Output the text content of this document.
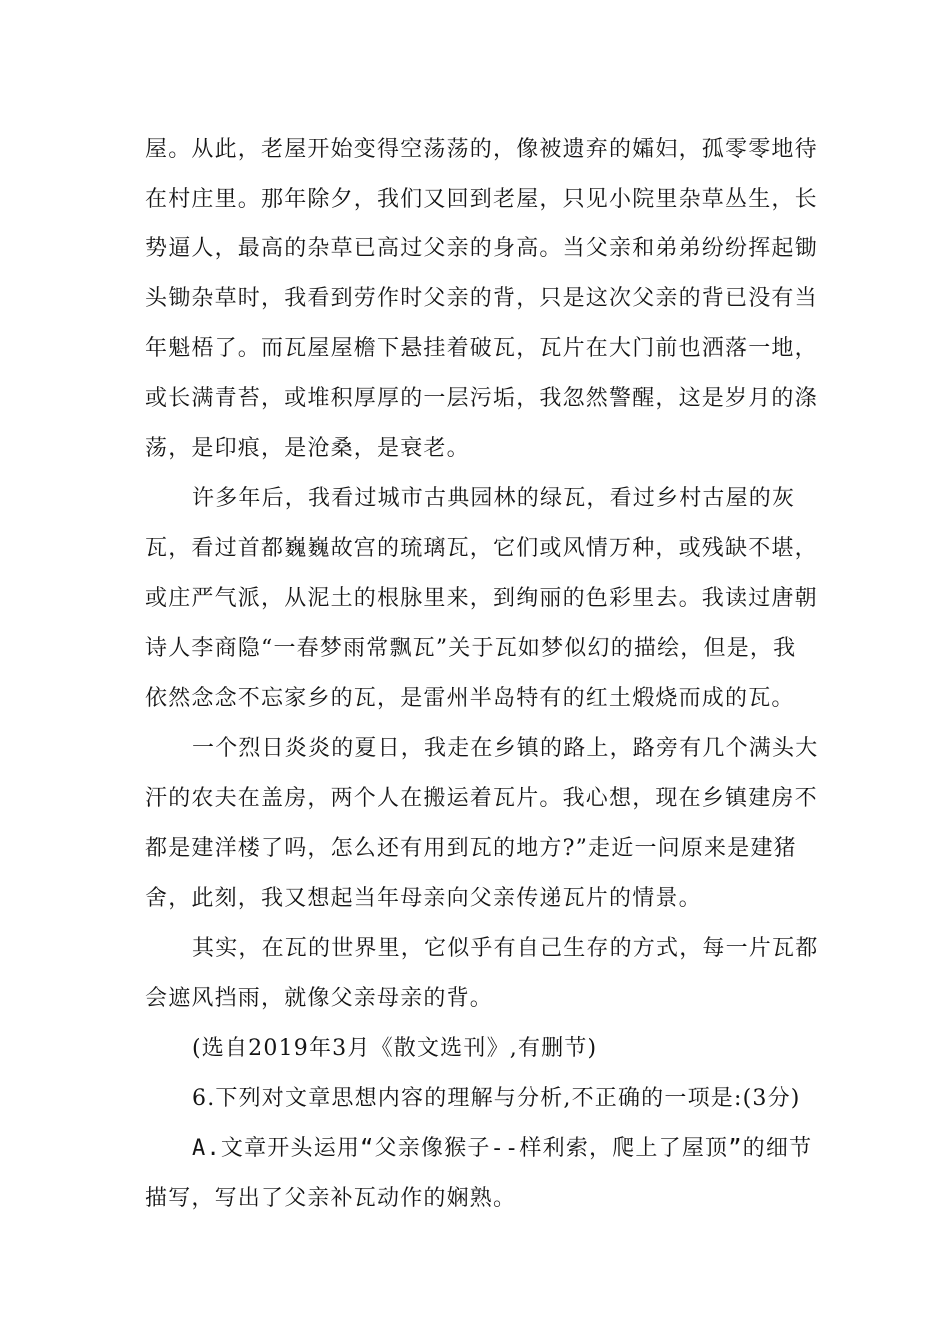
屋。从此，老屋开始变得空荡荡的，像被遗弃的孀妇，孤零零地待
在村庄里。那年除夕，我们又回到老屋，只见小院里杂草丛生，长
势逼人，最高的杂草已高过父亲的身高。当父亲和弟弟纷纷挥起锄
头锄杂草时，我看到劳作时父亲的背，只是这次父亲的背已没有当
年魁梧了。而瓦屋屋檐下悬挂着破瓦，瓦片在大门前也洒落一地，
或长满青苔，或堆积厚厚的一层污垢，我忽然警醒，这是岁月的涤
荡，是印痕，是沧桑，是衰老。
许多年后，我看过城市古典园林的绿瓦，看过乡村古屋的灰
瓦，看过首都巍巍故宫的琉璃瓦，它们或风情万种，或残缺不堪，
或庄严气派，从泥土的根脉里来，到绚丽的色彩里去。我读过唐朝
诗人李商隐“一春梦雨常飘瓦”关于瓦如梦似幻的描绘，但是，我
依然念念不忘家乡的瓦，是雷州半岛特有的红土煅烧而成的瓦。
一个烈日炎炎的夏日，我走在乡镇的路上，路旁有几个满头大
汗的农夫在盖房，两个人在搬运着瓦片。我心想，现在乡镇建房不
都是建洋楼了吗，怎么还有用到瓦的地方?”走近一问原来是建猪
舍，此刻，我又想起当年母亲向父亲传递瓦片的情景。
其实，在瓦的世界里，它似乎有自己生存的方式，每一片瓦都
会遮风挡雨，就像父亲母亲的背。
(选自2019年3月《散文选刊》,有删节)
6.下列对文章思想内容的理解与分析,不正确的一项是:(3分)
A.文章开头运用“父亲像猴子--样利索，爬上了屋顶”的细节
描写，写出了父亲补瓦动作的娴熟。
